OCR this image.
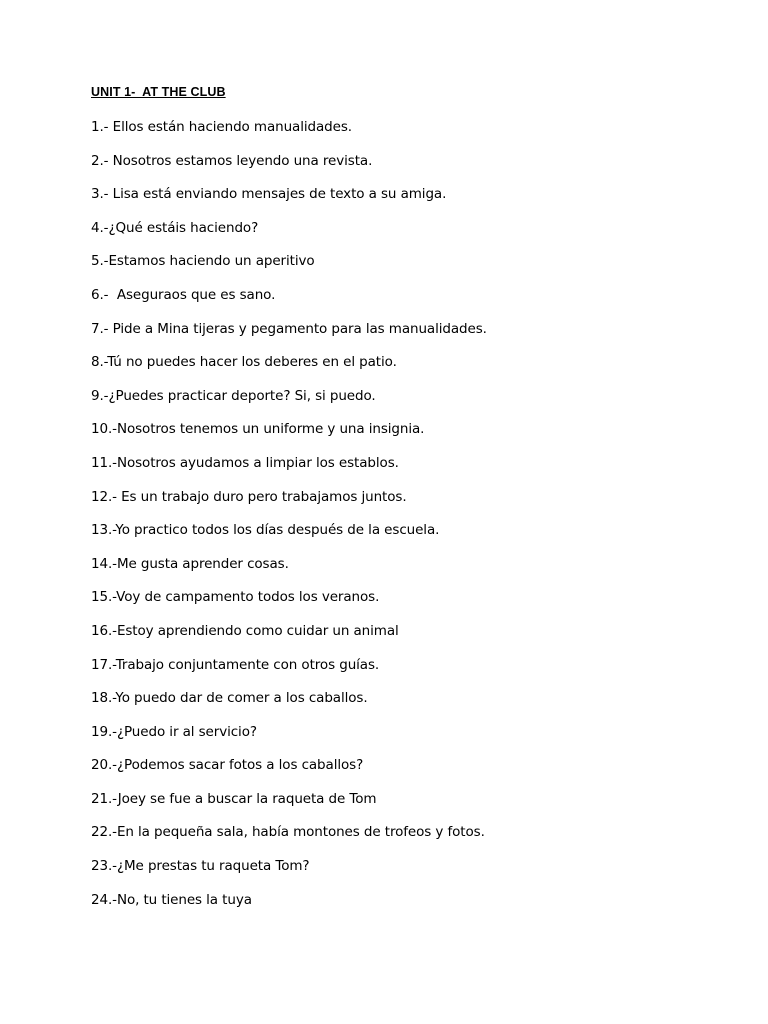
UNIT 1-  AT THE CLUB
1.- Ellos están haciendo manualidades.
2.- Nosotros estamos leyendo una revista.
3.- Lisa está enviando mensajes de texto a su amiga.
4.-¿Qué estáis haciendo?
5.-Estamos haciendo un aperitivo
6.-  Aseguraos que es sano.
7.- Pide a Mina tijeras y pegamento para las manualidades.
8.-Tú no puedes hacer los deberes en el patio.
9.-¿Puedes practicar deporte? Si, si puedo.
10.-Nosotros tenemos un uniforme y una insignia.
11.-Nosotros ayudamos a limpiar los establos.
12.- Es un trabajo duro pero trabajamos juntos.
13.-Yo practico todos los días después de la escuela.
14.-Me gusta aprender cosas.
15.-Voy de campamento todos los veranos.
16.-Estoy aprendiendo como cuidar un animal
17.-Trabajo conjuntamente con otros guías.
18.-Yo puedo dar de comer a los caballos.
19.-¿Puedo ir al servicio?
20.-¿Podemos sacar fotos a los caballos?
21.-Joey se fue a buscar la raqueta de Tom
22.-En la pequeña sala, había montones de trofeos y fotos.
23.-¿Me prestas tu raqueta Tom?
24.-No, tu tienes la tuya
